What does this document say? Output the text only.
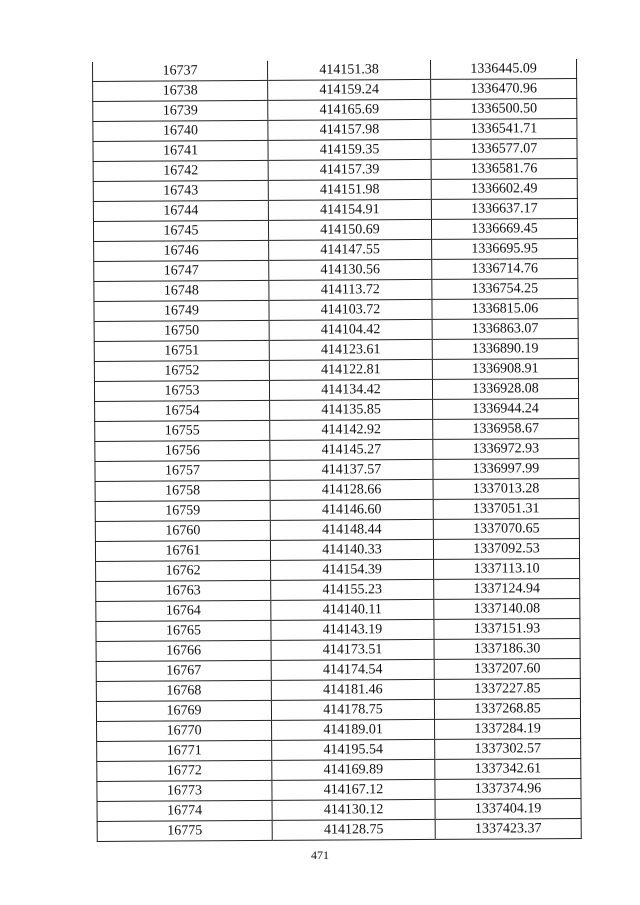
16737	414151.38	1336445.09
16738	414159.24	1336470.96
16739	414165.69	1336500.50
16740	414157.98	1336541.71
16741	414159.35	1336577.07
16742	414157.39	1336581.76
16743	414151.98	1336602.49
16744	414154.91	1336637.17
16745	414150.69	1336669.45
16746	414147.55	1336695.95
16747	414130.56	1336714.76
16748	414113.72	1336754.25
16749	414103.72	1336815.06
16750	414104.42	1336863.07
16751	414123.61	1336890.19
16752	414122.81	1336908.91
16753	414134.42	1336928.08
16754	414135.85	1336944.24
16755	414142.92	1336958.67
16756	414145.27	1336972.93
16757	414137.57	1336997.99
16758	414128.66	1337013.28
16759	414146.60	1337051.31
16760	414148.44	1337070.65
16761	414140.33	1337092.53
16762	414154.39	1337113.10
16763	414155.23	1337124.94
16764	414140.11	1337140.08
16765	414143.19	1337151.93
16766	414173.51	1337186.30
16767	414174.54	1337207.60
16768	414181.46	1337227.85
16769	414178.75	1337268.85
16770	414189.01	1337284.19
16771	414195.54	1337302.57
16772	414169.89	1337342.61
16773	414167.12	1337374.96
16774	414130.12	1337404.19
16775	414128.75	1337423.37
471
